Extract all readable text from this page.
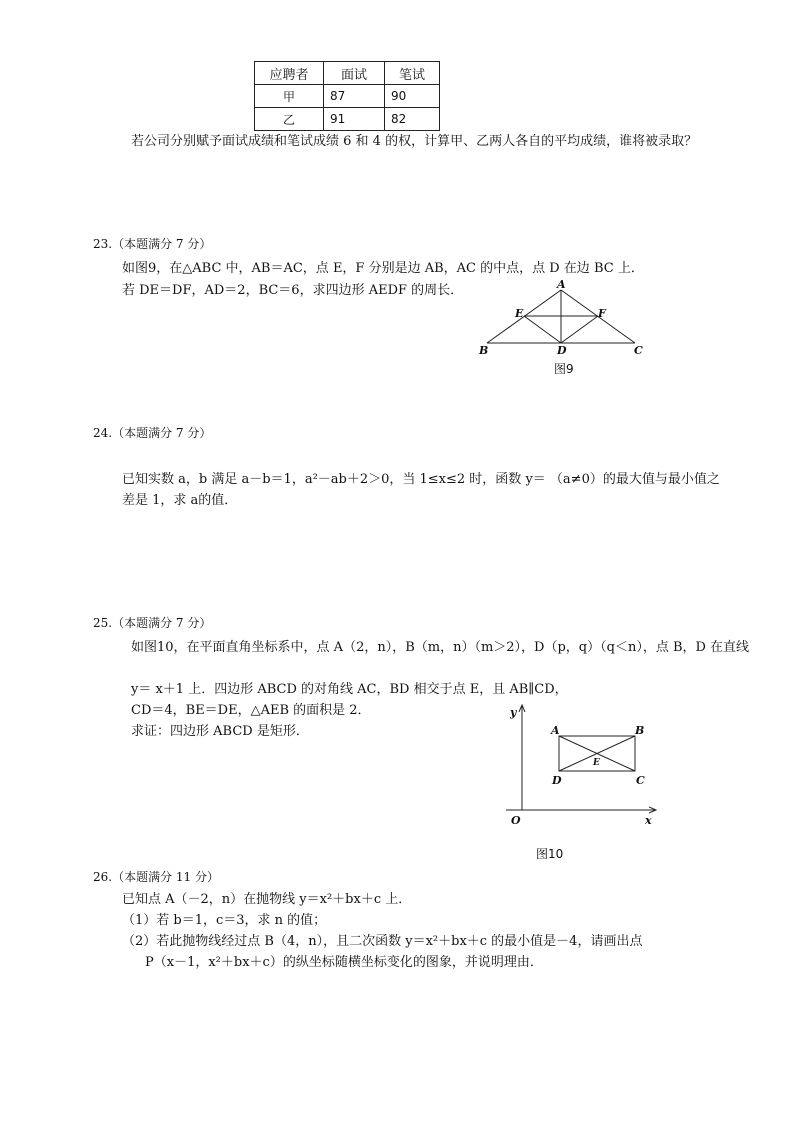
应聘者	面试	笔试
甲	87	90
乙	91	82
若公司分别赋予面试成绩和笔试成绩 6 和 4 的权，计算甲、乙两人各自的平均成绩，谁将被录取？
23.（本题满分 7 分）
如图9，在△ABC 中，AB＝AC，点 E，F 分别是边 AB，AC 的中点，点 D 在边 BC 上．
若 DE＝DF，AD＝2，BC＝6，求四边形 AEDF 的周长．	A
B	C
D
E	F
图9
24.（本题满分 7 分）
已知实数 a，b 满足 a－b＝1，a²－ab＋2＞0，当 1≤x≤2 时，函数 y＝ （a≠0）的最大值与最小值之
差是 1，求 a的值．
25.（本题满分 7 分）
如图10，在平面直角坐标系中，点 A（2，n），B（m，n）（m＞2），D（p，q）（q＜n），点 B，D 在直线
y＝ x＋1 上．四边形 ABCD 的对角线 AC，BD 相交于点 E，且 AB∥CD，
CD＝4，BE＝DE，△AEB 的面积是 2．
求证：四边形 ABCD 是矩形．
y
x
O
A	B
C
D
E
图10
26.（本题满分 11 分）
已知点 A（－2，n）在抛物线 y＝x²＋bx＋c 上．
（1）若 b＝1，c＝3，求 n 的值；
（2）若此抛物线经过点 B（4，n），且二次函数 y＝x²＋bx＋c 的最小值是－4，请画出点
P（x－1，x²＋bx＋c）的纵坐标随横坐标变化的图象，并说明理由．
